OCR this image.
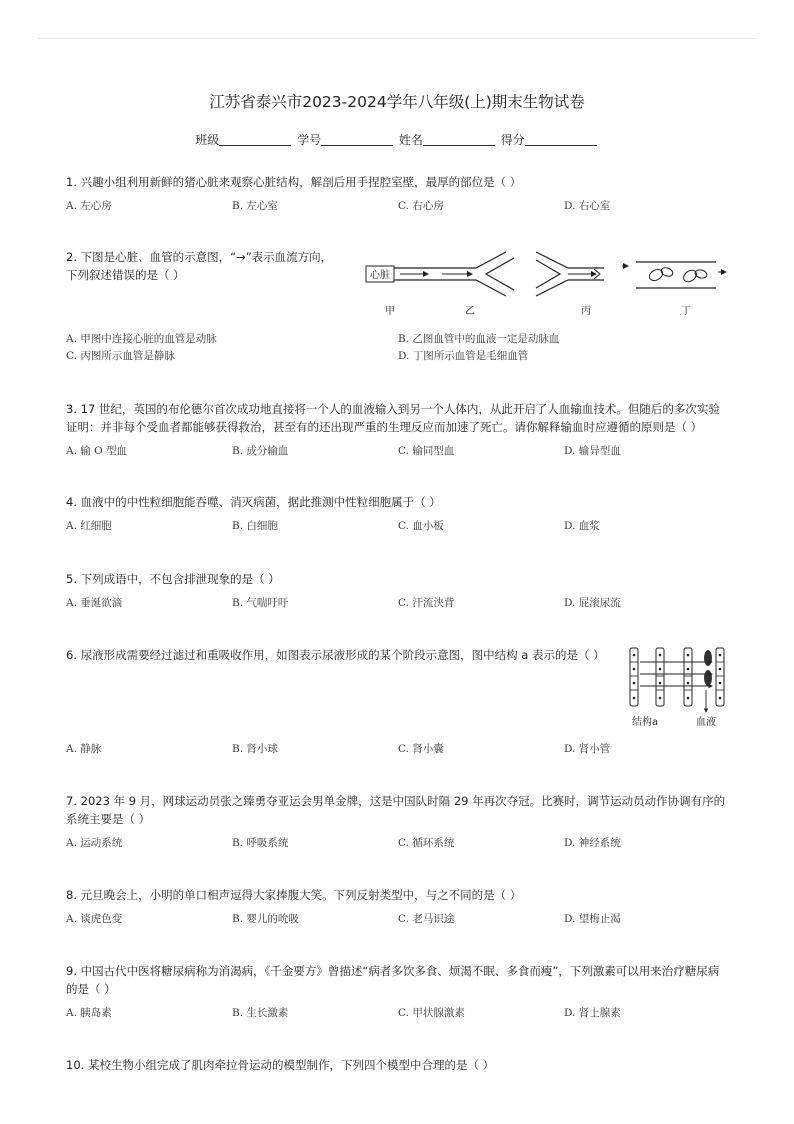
江苏省泰兴市2023-2024学年八年级(上)期末生物试卷
班级	学号	姓名	得分

1. 兴趣小组利用新鲜的猪心脏来观察心脏结构，解剖后用手捏腔室壁，最厚的部位是（ ）

A. 左心房	B. 左心室	C. 右心房	D. 右心室

2. 下图是心脏、血管的示意图，“→”表示血流方向，

下列叙述错误的是（ ）	心脏
甲	乙	丙	丁
A. 甲图中连接心脏的血管是动脉	B. 乙图血管中的血液一定是动脉血
C. 丙图所示血管是静脉	D. 丁图所示血管是毛细血管

3. 17 世纪，英国的布伦德尔首次成功地直接将一个人的血液输入到另一个人体内，从此开启了人血输血技术。但随后的多次实验证明：并非每个受血者都能够获得救治，甚至有的还出现严重的生理反应而加速了死亡。请你解释输血时应遵循的原则是（ ）

A. 输 O 型血	B. 成分输血	C. 输同型血	D. 输异型血

4. 血液中的中性粒细胞能吞噬、消灭病菌，据此推测中性粒细胞属于（ ）

A. 红细胞	B. 白细胞	C. 血小板	D. 血浆

5. 下列成语中，不包含排泄现象的是（ ）

A. 垂涎欲滴	B. 气喘吁吁	C. 汗流浃背	D. 屁滚尿流

6. 尿液形成需要经过滤过和重吸收作用，如图表示尿液形成的某个阶段示意图，图中结构 a 表示的是（ ）

结构a	血液
A. 静脉	B. 肾小球	C. 肾小囊	D. 肾小管

7. 2023 年 9 月，网球运动员张之臻勇夺亚运会男单金牌，这是中国队时隔 29 年再次夺冠。比赛时，调节运动员动作协调有序的系统主要是（ ）

A. 运动系统	B. 呼吸系统	C. 循环系统	D. 神经系统

8. 元旦晚会上，小明的单口相声逗得大家捧腹大笑。下列反射类型中，与之不同的是（ ）

A. 谈虎色变	B. 婴儿的吮吸	C. 老马识途	D. 望梅止渴

9. 中国古代中医将糖尿病称为消渴病，《千金要方》曾描述“病者多饮多食、烦渴不眠、多食而瘦”，下列激素可以用来治疗糖尿病的是（ ）

A. 胰岛素	B. 生长激素	C. 甲状腺激素	D. 肾上腺素

10. 某校生物小组完成了肌肉牵拉骨运动的模型制作，下列四个模型中合理的是（ ）
